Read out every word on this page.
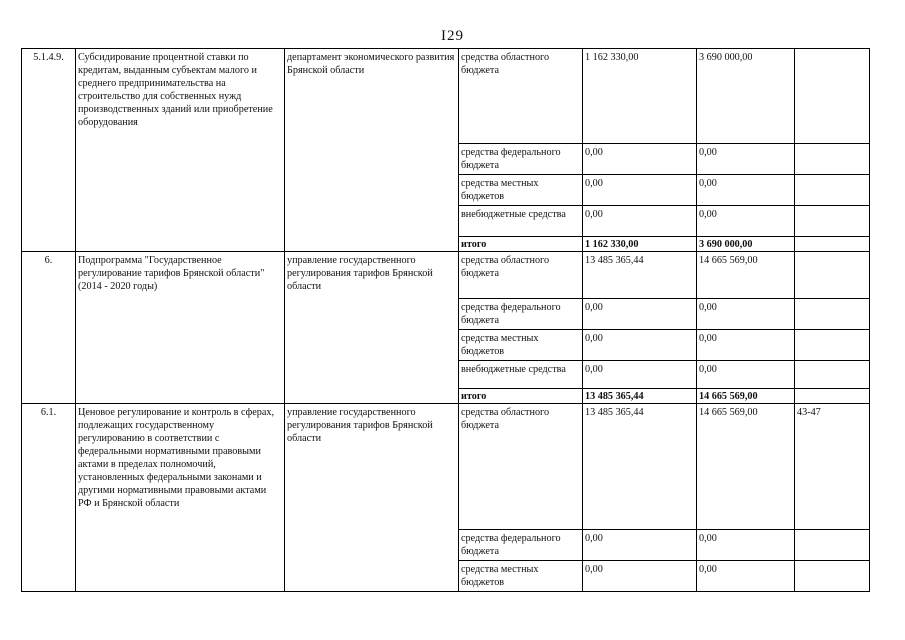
I29
5.1.4.9.	Субсидирование процентной ставки по кредитам, выданным субъектам малого и среднего предпринимательства на строительство для собственных нужд производственных зданий или приобретение оборудования	департамент экономического развития Брянской области	средства областного бюджета	1 162 330,00	3 690 000,00	
			средства федерального бюджета	0,00	0,00	
			средства местных бюджетов	0,00	0,00	
			внебюджетные средства	0,00	0,00	
			итого	1 162 330,00	3 690 000,00	
6.	Подпрограмма "Государственное регулирование тарифов Брянской области" (2014 - 2020 годы)	управление государственного регулирования тарифов Брянской области	средства областного бюджета	13 485 365,44	14 665 569,00	
			средства федерального бюджета	0,00	0,00	
			средства местных бюджетов	0,00	0,00	
			внебюджетные средства	0,00	0,00	
			итого	13 485 365,44	14 665 569,00	
6.1.	Ценовое регулирование и контроль в сферах, подлежащих государственному регулированию в соответствии с федеральными нормативными правовыми актами в пределах полномочий, установленных федеральными законами и другими нормативными правовыми актами РФ и Брянской области	управление государственного регулирования тарифов Брянской области	средства областного бюджета	13 485 365,44	14 665 569,00	43-47
			средства федерального бюджета	0,00	0,00	
			средства местных бюджетов	0,00	0,00	
